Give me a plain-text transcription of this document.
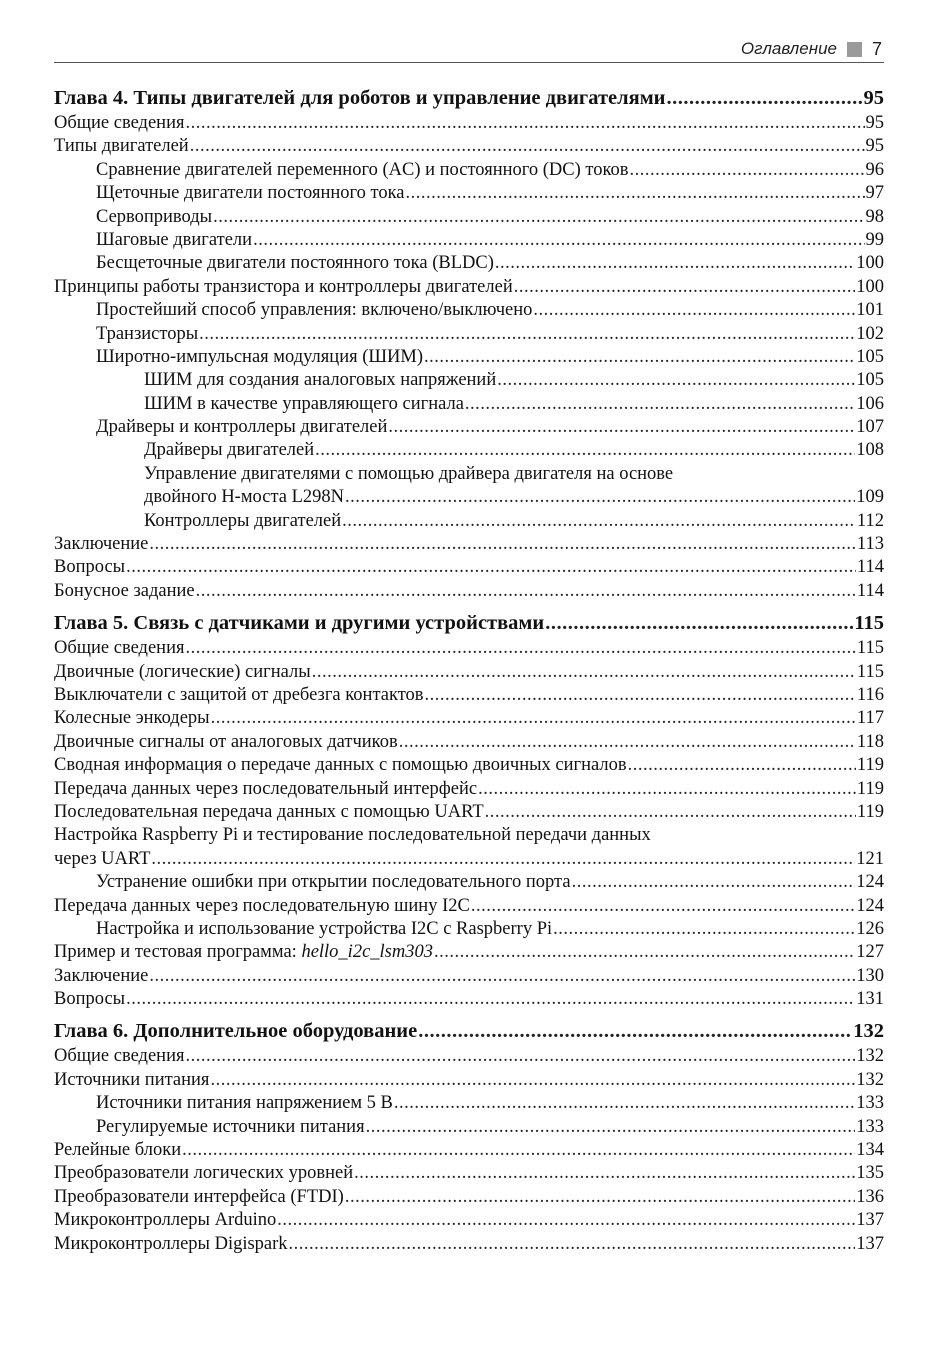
Оглавление 7
Глава 4. Типы двигателей для роботов и управление двигателями .....	95
Общие сведения .....	95
Типы двигателей .....	95
Сравнение двигателей переменного (AC) и постоянного (DC) токов .....	96
Щеточные двигатели постоянного тока .....	97
Сервоприводы .....	98
Шаговые двигатели .....	99
Бесщеточные двигатели постоянного тока (BLDC) .....	100
Принципы работы транзистора и контроллеры двигателей .....	100
Простейший способ управления: включено/выключено .....	101
Транзисторы .....	102
Широтно-импульсная модуляция (ШИМ) .....	105
ШИМ для создания аналоговых напряжений .....	105
ШИМ в качестве управляющего сигнала .....	106
Драйверы и контроллеры двигателей .....	107
Драйверы двигателей .....	108
Управление двигателями с помощью драйвера двигателя на основе
двойного H-моста L298N .....	109
Контроллеры двигателей .....	112
Заключение .....	113
Вопросы .....	114
Бонусное задание .....	114
Глава 5. Связь с датчиками и другими устройствами .....	115
Общие сведения .....	115
Двоичные (логические) сигналы .....	115
Выключатели с защитой от дребезга контактов .....	116
Колесные энкодеры .....	117
Двоичные сигналы от аналоговых датчиков .....	118
Сводная информация о передаче данных с помощью двоичных сигналов .....	119
Передача данных через последовательный интерфейс .....	119
Последовательная передача данных с помощью UART .....	119
Настройка Raspberry Pi и тестирование последовательной передачи данных
через UART .....	121
Устранение ошибки при открытии последовательного порта .....	124
Передача данных через последовательную шину I2C .....	124
Настройка и использование устройства I2C с Raspberry Pi .....	126
Пример и тестовая программа: hello_i2c_lsm303 .....	127
Заключение .....	130
Вопросы .....	131
Глава 6. Дополнительное оборудование .....	132
Общие сведения .....	132
Источники питания .....	132
Источники питания напряжением 5 В .....	133
Регулируемые источники питания .....	133
Релейные блоки .....	134
Преобразователи логических уровней .....	135
Преобразователи интерфейса (FTDI) .....	136
Микроконтроллеры Arduino .....	137
Микроконтроллеры Digispark .....	137
